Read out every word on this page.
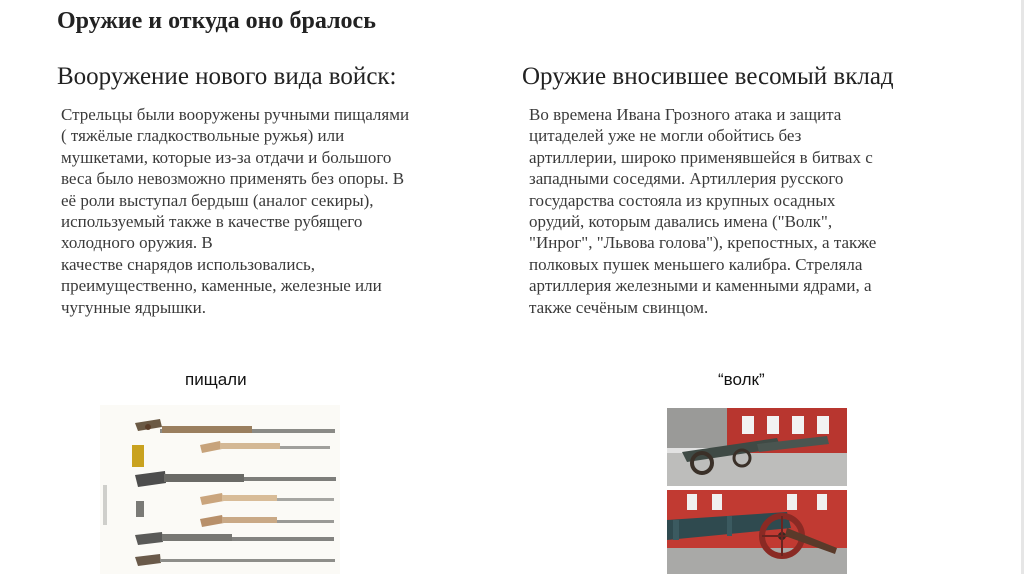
Оружие и откуда оно бралось
Вооружение нового вида войск:	Оружие вносившее весомый вклад
Стрельцы были вооружены ручными пищалями
( тяжёлые гладкоствольные ружья) или
мушкетами, которые из-за отдачи и большого
веса было невозможно применять без опоры. В
её роли выступал бердыш (аналог секиры),
используемый также в качестве рубящего
холодного оружия. В
качестве снарядов использовались,
преимущественно, каменные, железные или
чугунные ядрышки.
Во времена Ивана Грозного атака и защита
цитаделей уже не могли обойтись без
артиллерии, широко применявшейся в битвах с
западными соседями. Артиллерия русского
государства состояла из крупных осадных
орудий, которым давались имена ("Волк",
"Инрог", "Львова голова"), крепостных, а также
полковых пушек меньшего калибра. Стреляла
артиллерия железными и каменными ядрами, а
также сечёным свинцом.
пищали	“волк”
